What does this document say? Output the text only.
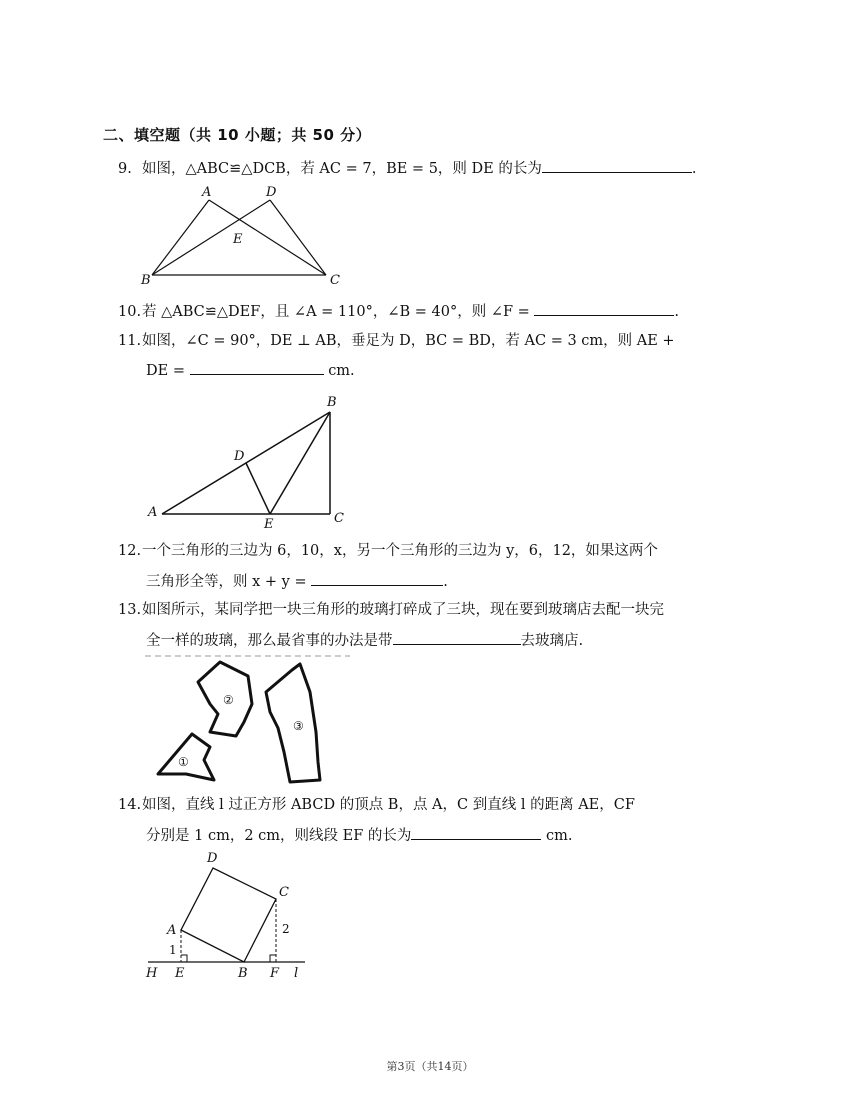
二、填空题（共 10 小题；共 50 分）
9. 如图，△ABC≌△DCB，若 AC = 7，BE = 5，则 DE 的长为	.
A	D
E
B	C
10.若 △ABC≌△DEF，且 ∠A = 110°，∠B = 40°，则 ∠F =	.
11.如图，∠C = 90°，DE ⊥ AB，垂足为 D，BC = BD，若 AC = 3 cm，则 AE +
DE =	cm.
A
B
C
D
E
12.一个三角形的三边为 6，10，x，另一个三角形的三边为 y，6，12，如果这两个
三角形全等，则 x + y =	.
13.如图所示，某同学把一块三角形的玻璃打碎成了三块，现在要到玻璃店去配一块完
全一样的玻璃，那么最省事的办法是带	去玻璃店.
①
②
③
14.如图，直线 l 过正方形 ABCD 的顶点 B，点 A，C 到直线 l 的距离 AE，CF
分别是 1 cm，2 cm，则线段 EF 的长为	cm.
D
C
A
1
2
H E	B F l
第3页（共14页）
